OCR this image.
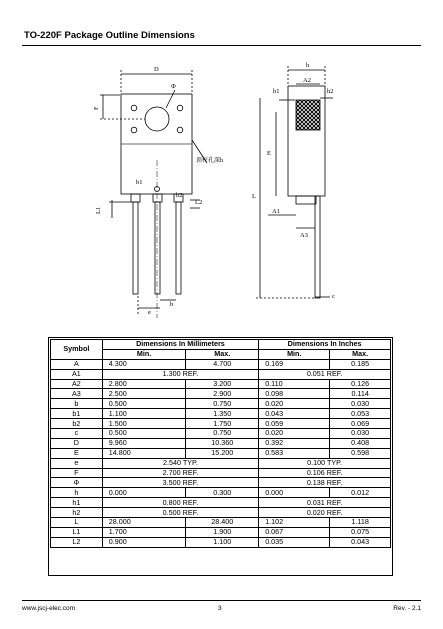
TO-220F Package Outline Dimensions
D
Φ
F
b1
b2
L1
L2
e
b
顶杆孔深h
h
h1
A2
h2
E
L
A1
A3
c
Symbol	Dimensions In Millimeters		Dimensions In Inches	
	Min.	Max.	Min.	Max.
A	4.300	4.700	0.169	0.185
A1	1.300 REF.		0.051 REF.	
A2	2.800	3.200	0.110	0.126
A3	2.500	2.900	0.098	0.114
b	0.500	0.750	0.020	0.030
b1	1.100	1.350	0.043	0.053
b2	1.500	1.750	0.059	0.069
c	0.500	0.750	0.020	0.030
D	9.960	10.360	0.392	0.408
E	14.800	15.200	0.583	0.598
e	2.540 TYP.		0.100 TYP.	
F	2.700 REF.		0.106 REF.	
Φ	3.500 REF.		0.138 REF.	
h	0.000	0.300	0.000	0.012
h1	0.800 REF.		0.031 REF.	
h2	0.500 REF.		0.020 REF.	
L	28.000	28.400	1.102	1.118
L1	1.700	1.900	0.067	0.075
L2	0.900	1.100	0.035	0.043
www.jscj-elec.com	3	Rev. - 2.1
